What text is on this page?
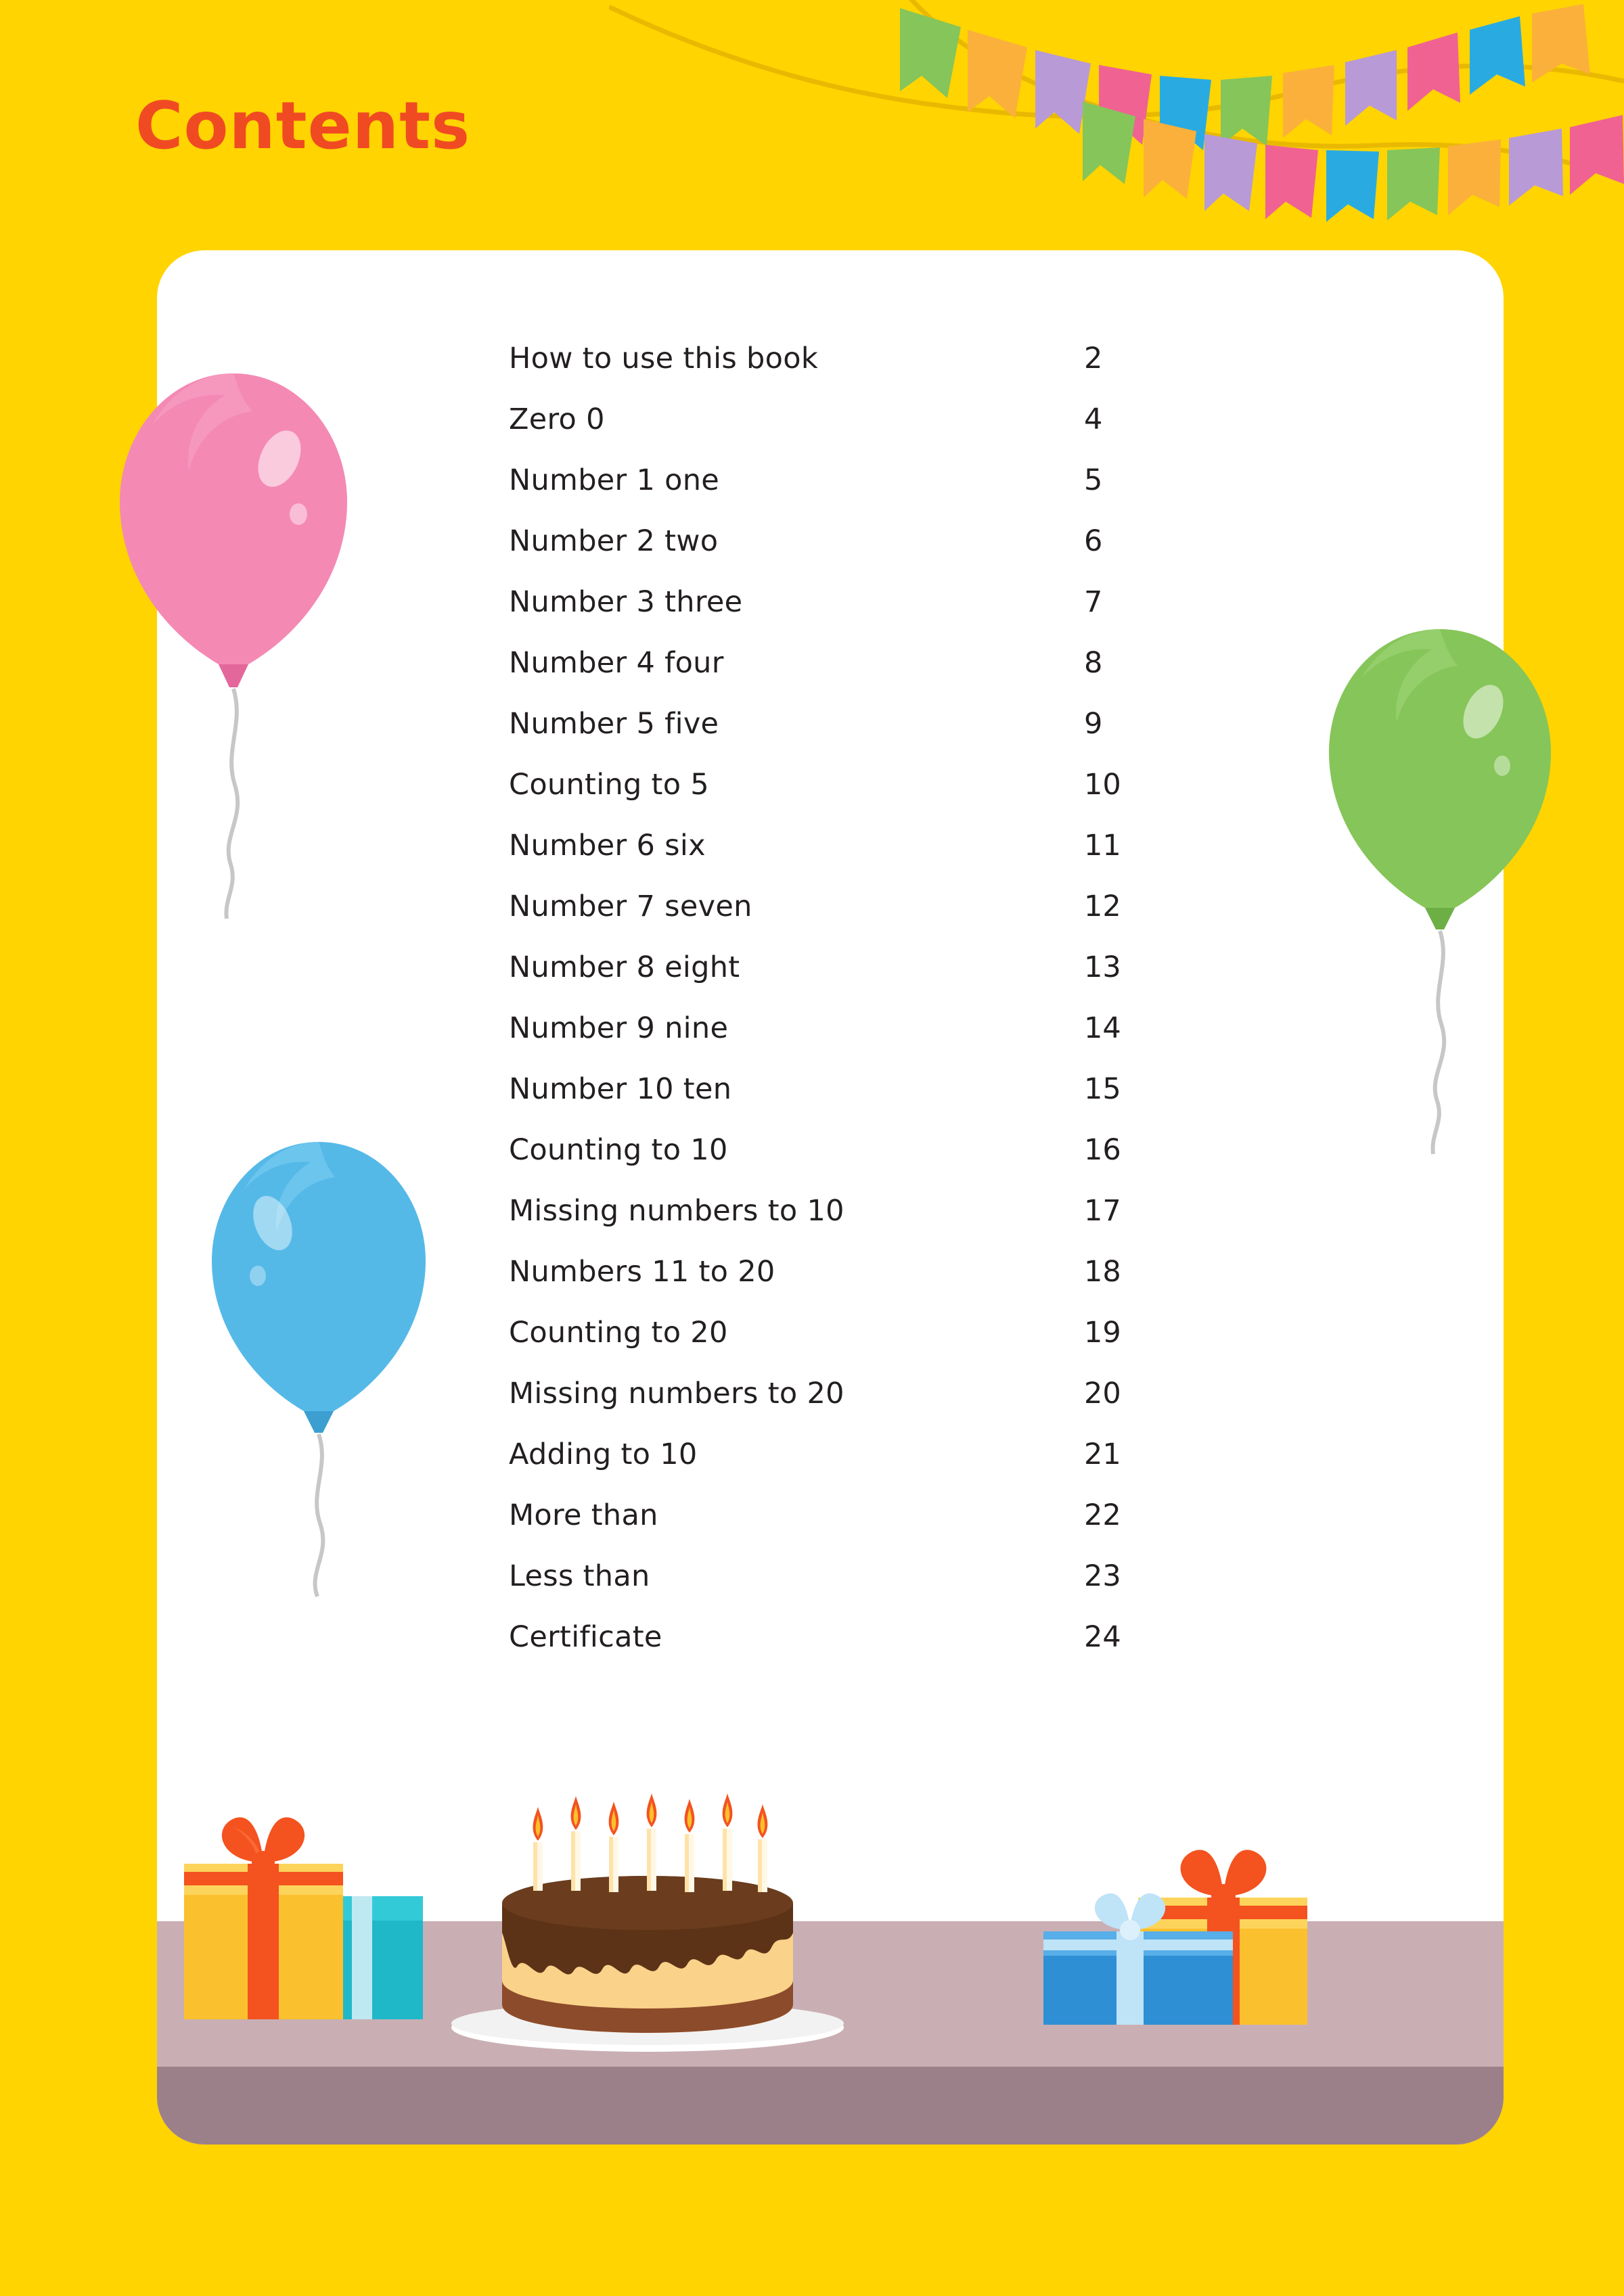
Contents
How to use this book	2
Zero 0	4
Number 1 one	5
Number 2 two	6
Number 3 three	7
Number 4 four	8
Number 5 five	9
Counting to 5	10
Number 6 six	11
Number 7 seven	12
Number 8 eight	13
Number 9 nine	14
Number 10 ten	15
Counting to 10	16
Missing numbers to 10	17
Numbers 11 to 20	18
Counting to 20	19
Missing numbers to 20	20
Adding to 10	21
More than	22
Less than	23
Certificate	24
